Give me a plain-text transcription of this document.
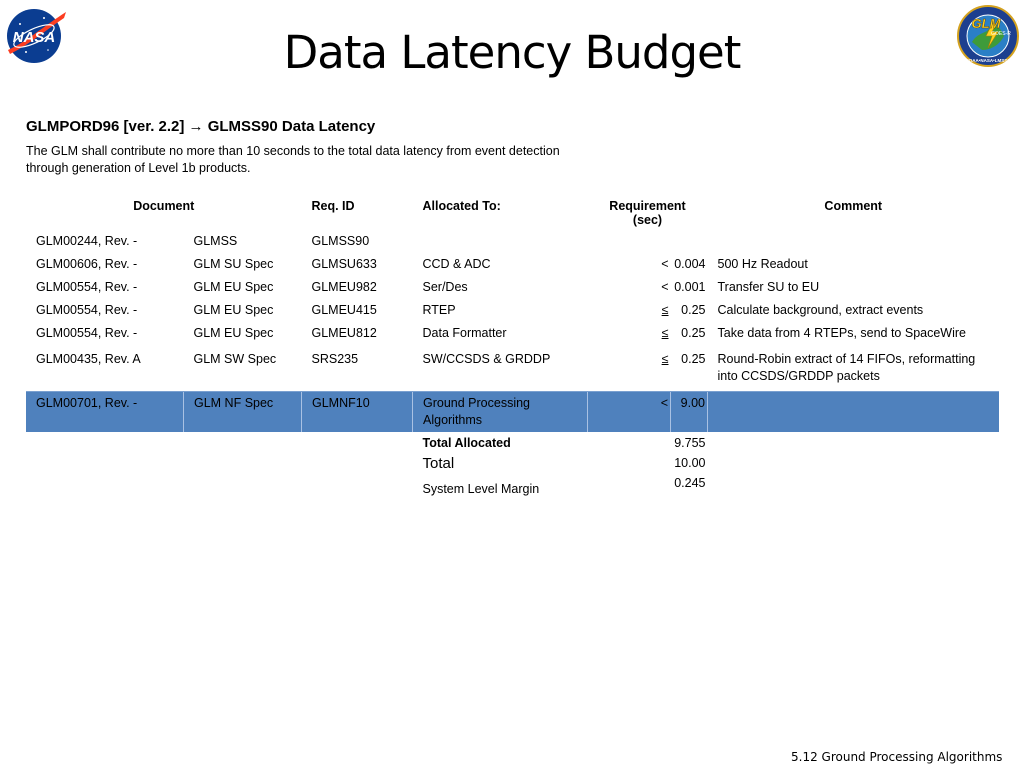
NASA
GLM
GOES-R
NOAA•NASA•LMSSC
Data Latency Budget
GLMPORD96 [ver. 2.2] → GLMSS90 Data Latency
The GLM shall contribute no more than 10 seconds to the total data latency from event detection through generation of Level 1b products.
Document		Req. ID	Allocated To:	Requirement (sec)		Comment
GLM00244, Rev. -	GLMSS	GLMSS90				
GLM00606, Rev. -	GLM SU Spec	GLMSU633	CCD & ADC	<	0.004	500 Hz Readout
GLM00554, Rev. -	GLM EU Spec	GLMEU982	Ser/Des	<	0.001	Transfer SU to EU
GLM00554, Rev. -	GLM EU Spec	GLMEU415	RTEP	≤	0.25	Calculate background, extract events
GLM00554, Rev. -	GLM EU Spec	GLMEU812	Data Formatter	≤	0.25	Take data from 4 RTEPs, send to SpaceWire
GLM00435, Rev. A	GLM SW Spec	SRS235	SW/CCSDS & GRDDP	≤	0.25	Round-Robin extract of 14 FIFOs, reformatting into CCSDS/GRDDP packets
GLM00701, Rev. -	GLM NF Spec	GLMNF10	Ground Processing Algorithms	<	9.00	
			Total Allocated		9.755	
			Total		10.00	
			System Level Margin		0.245	
5.12 Ground Processing Algorithms
